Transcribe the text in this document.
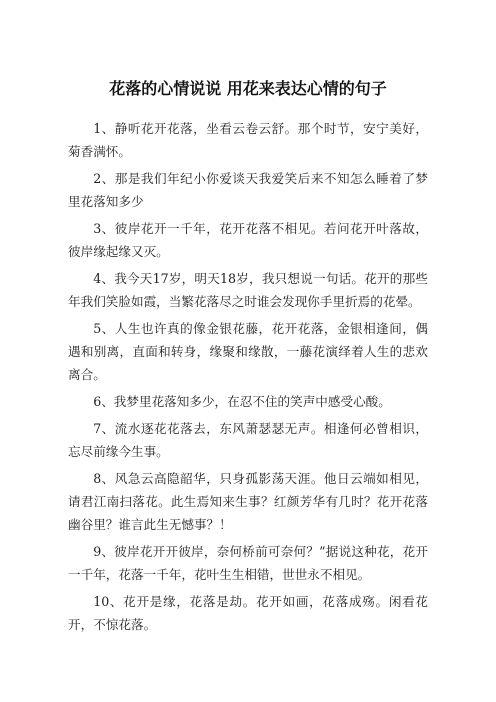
花落的心情说说 用花来表达心情的句子

1、静听花开花落，坐看云卷云舒。那个时节，安宁美好，菊香满怀。

2、那是我们年纪小你爱谈天我爱笑后来不知怎么睡着了梦里花落知多少

3、彼岸花开一千年，花开花落不相见。若问花开叶落故，彼岸缘起缘又灭。

4、我今天17岁，明天18岁，我只想说一句话。花开的那些年我们笑脸如霞，当繁花落尽之时谁会发现你手里折焉的花晕。

5、人生也许真的像金银花藤，花开花落，金银相逢间，偶遇和别离，直面和转身，缘聚和缘散，一藤花演绎着人生的悲欢离合。

6、我梦里花落知多少，在忍不住的笑声中感受心酸。

7、流水逐花花落去，东风萧瑟瑟无声。相逢何必曾相识，忘尽前缘今生事。

8、风急云高隐韶华，只身孤影荡天涯。他日云端如相见，请君江南扫落花。此生焉知来生事？红颜芳华有几时？花开花落幽谷里？谁言此生无憾事？！

9、彼岸花开开彼岸，奈何桥前可奈何？”据说这种花，花开一千年，花落一千年，花叶生生相错，世世永不相见。

10、花开是缘，花落是劫。花开如画，花落成殇。闲看花开，不惊花落。
